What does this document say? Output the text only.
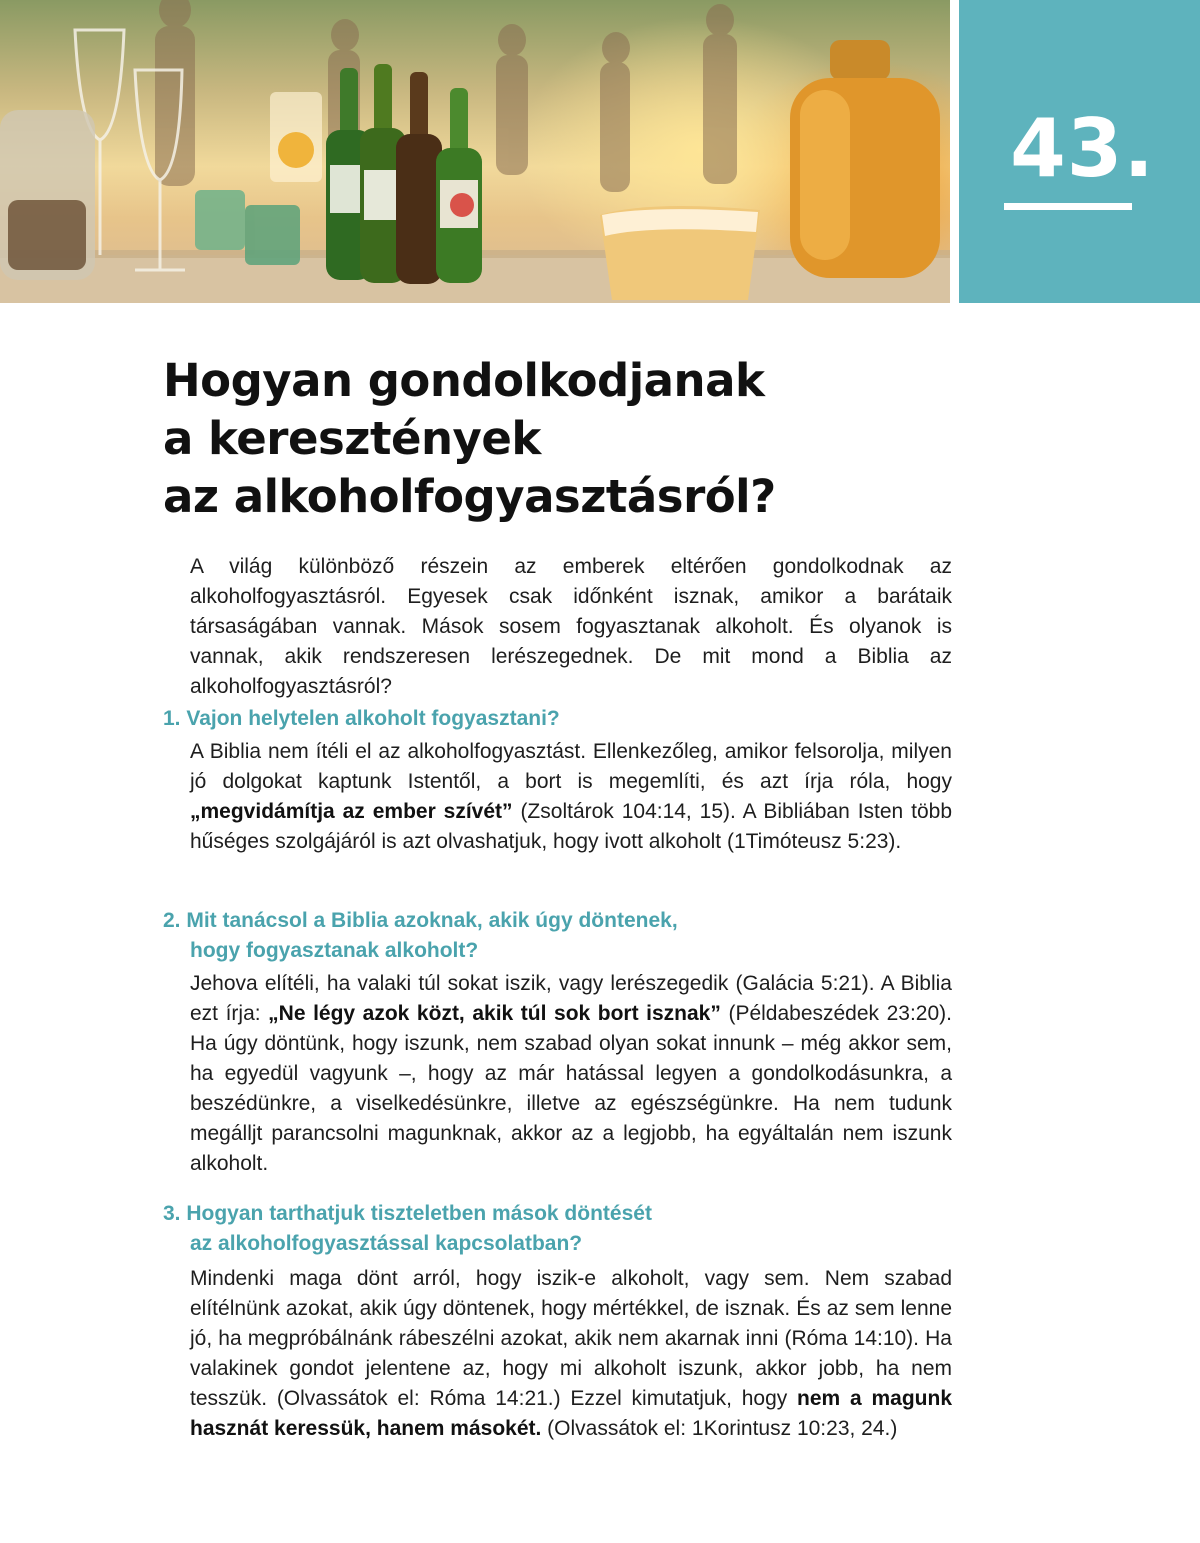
43.
Hogyan gondolkodjanak
a keresztények
az alkoholfogyasztásról?

A világ különböző részein az emberek eltérően gondolkodnak az alkoholfogyasztásról. Egyesek csak időnként isznak, amikor a barátaik társaságában vannak. Mások sosem fogyasztanak alkoholt. És olyanok is vannak, akik rendszeresen lerészegednek. De mit mond a Biblia az alkoholfogyasztásról?

1. Vajon helytelen alkoholt fogyasztani?

A Biblia nem ítéli el az alkoholfogyasztást. Ellenkezőleg, amikor felsorolja, milyen jó dolgokat kaptunk Istentől, a bort is megemlíti, és azt írja róla, hogy „megvidámítja az ember szívét” (Zsoltárok 104:14, 15). A Bibliában Isten több hűséges szolgájáról is azt olvashatjuk, hogy ivott alkoholt (1Timóteusz 5:23).

2. Mit tanácsol a Biblia azoknak, akik úgy döntenek,
hogy fogyasztanak alkoholt?

Jehova elítéli, ha valaki túl sokat iszik, vagy lerészegedik (Galácia 5:21). A Biblia ezt írja: „Ne légy azok közt, akik túl sok bort isznak” (Példabeszédek 23:20). Ha úgy döntünk, hogy iszunk, nem szabad olyan sokat innunk – még akkor sem, ha egyedül vagyunk –, hogy az már hatással legyen a gondolkodásunkra, a beszédünkre, a viselkedésünkre, illetve az egészségünkre. Ha nem tudunk megálljt parancsolni magunknak, akkor az a legjobb, ha egyáltalán nem iszunk alkoholt.

3. Hogyan tarthatjuk tiszteletben mások döntését
az alkoholfogyasztással kapcsolatban?

Mindenki maga dönt arról, hogy iszik-e alkoholt, vagy sem. Nem szabad elítélnünk azokat, akik úgy döntenek, hogy mértékkel, de isznak. És az sem lenne jó, ha megpróbálnánk rábeszélni azokat, akik nem akarnak inni (Róma 14:10). Ha valakinek gondot jelentene az, hogy mi alkoholt iszunk, akkor jobb, ha nem tesszük. (Olvassátok el: Róma 14:21.) Ezzel kimutatjuk, hogy nem a magunk hasznát keressük, hanem másokét. (Olvassátok el: 1Korintusz 10:23, 24.)
